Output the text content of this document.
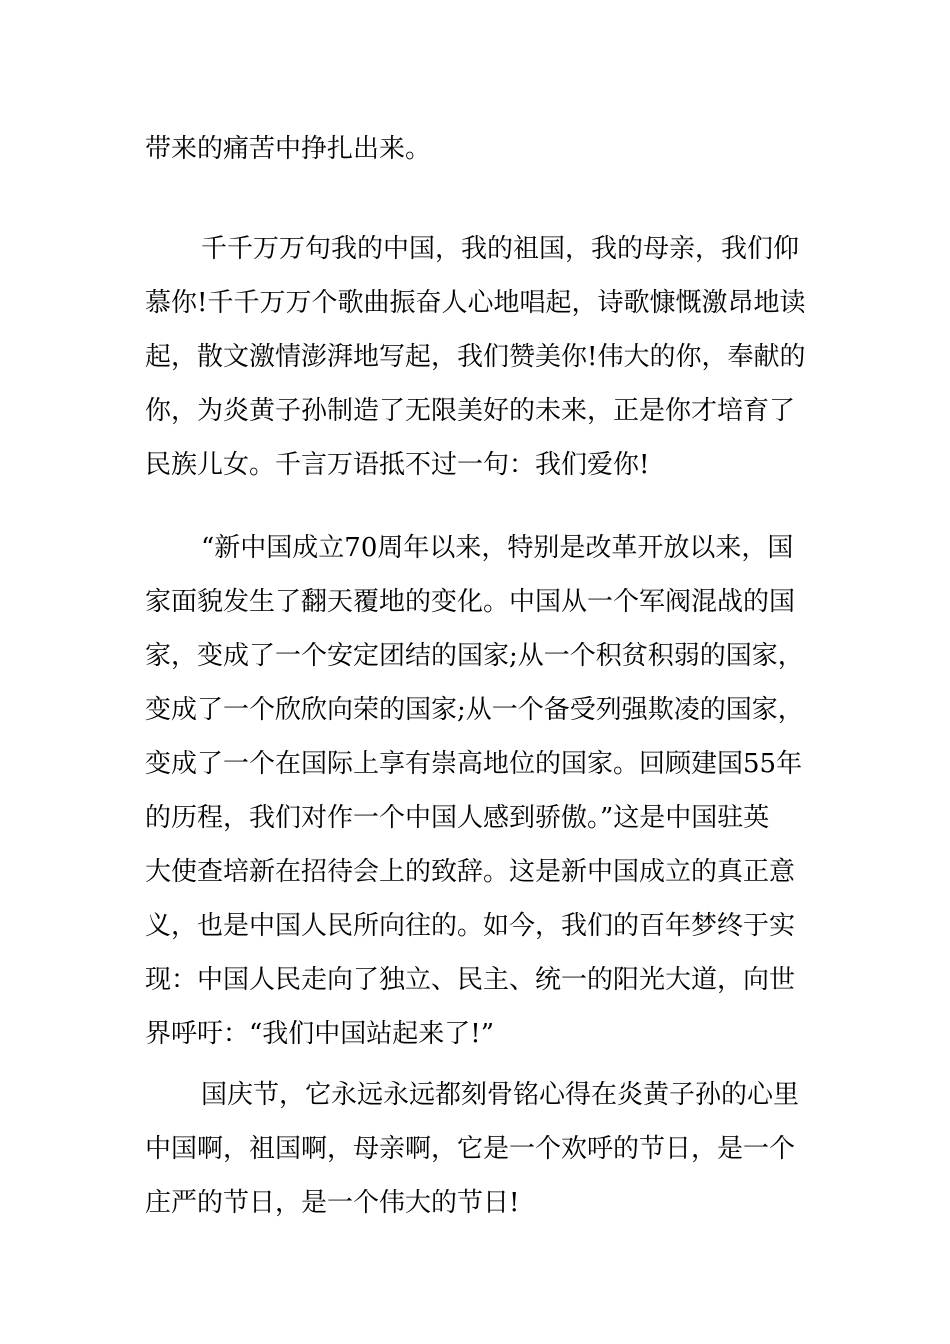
带来的痛苦中挣扎出来。
千千万万句我的中国，我的祖国，我的母亲，我们仰
慕你!千千万万个歌曲振奋人心地唱起，诗歌慷慨激昂地读
起，散文激情澎湃地写起，我们赞美你!伟大的你，奉献的
你，为炎黄子孙制造了无限美好的未来，正是你才培育了
民族儿女。千言万语抵不过一句：我们爱你!
“新中国成立70周年以来，特别是改革开放以来，国
家面貌发生了翻天覆地的变化。中国从一个军阀混战的国
家，变成了一个安定团结的国家;从一个积贫积弱的国家，
变成了一个欣欣向荣的国家;从一个备受列强欺凌的国家，
变成了一个在国际上享有崇高地位的国家。回顾建国55年
的历程，我们对作一个中国人感到骄傲。”这是中国驻英
大使查培新在招待会上的致辞。这是新中国成立的真正意
义，也是中国人民所向往的。如今，我们的百年梦终于实
现：中国人民走向了独立、民主、统一的阳光大道，向世
界呼吁：“我们中国站起来了!”
国庆节，它永远永远都刻骨铭心得在炎黄子孙的心里
中国啊，祖国啊，母亲啊，它是一个欢呼的节日，是一个
庄严的节日，是一个伟大的节日!
